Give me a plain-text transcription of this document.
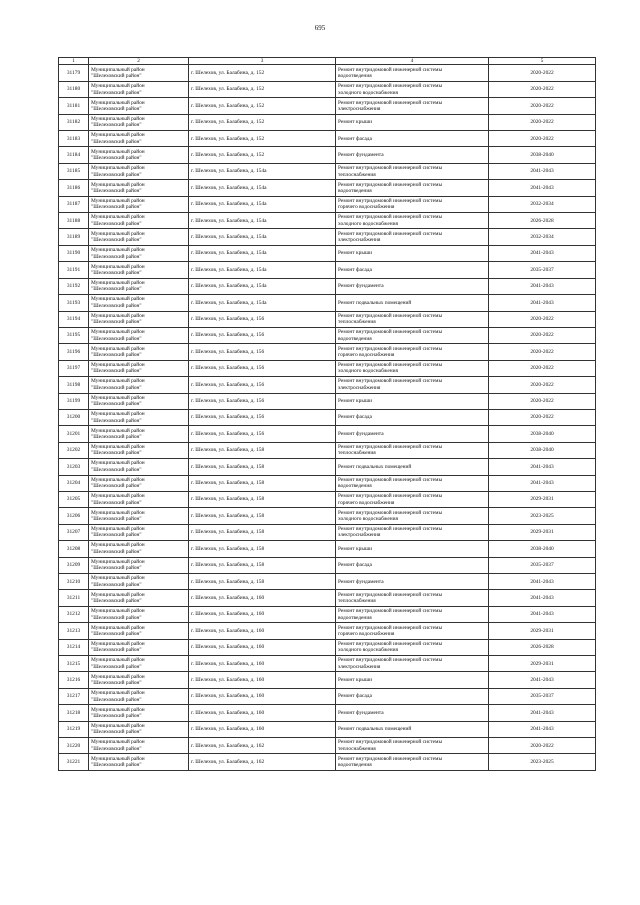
695
1	2	3	4	5
31179	Муниципальный район
"Шелеховский район"	г. Шелехов, ул. Балабина, д. 152	Ремонт внутридомовой инженерной системы
водоотведения	2020-2022
31180	Муниципальный район
"Шелеховский район"	г. Шелехов, ул. Балабина, д. 152	Ремонт внутридомовой инженерной системы
холодного водоснабжения	2020-2022
31181	Муниципальный район
"Шелеховский район"	г. Шелехов, ул. Балабина, д. 152	Ремонт внутридомовой инженерной системы
электроснабжения	2020-2022
31182	Муниципальный район
"Шелеховский район"	г. Шелехов, ул. Балабина, д. 152	Ремонт крыши	2020-2022
31183	Муниципальный район
"Шелеховский район"	г. Шелехов, ул. Балабина, д. 152	Ремонт фасада	2020-2022
31184	Муниципальный район
"Шелеховский район"	г. Шелехов, ул. Балабина, д. 152	Ремонт фундамента	2038-2040
31185	Муниципальный район
"Шелеховский район"	г. Шелехов, ул. Балабина, д. 154а	Ремонт внутридомовой инженерной системы
теплоснабжения	2041-2043
31186	Муниципальный район
"Шелеховский район"	г. Шелехов, ул. Балабина, д. 154а	Ремонт внутридомовой инженерной системы
водоотведения	2041-2043
31187	Муниципальный район
"Шелеховский район"	г. Шелехов, ул. Балабина, д. 154а	Ремонт внутридомовой инженерной системы
горячего водоснабжения	2032-2034
31188	Муниципальный район
"Шелеховский район"	г. Шелехов, ул. Балабина, д. 154а	Ремонт внутридомовой инженерной системы
холодного водоснабжения	2026-2028
31189	Муниципальный район
"Шелеховский район"	г. Шелехов, ул. Балабина, д. 154а	Ремонт внутридомовой инженерной системы
электроснабжения	2032-2034
31190	Муниципальный район
"Шелеховский район"	г. Шелехов, ул. Балабина, д. 154а	Ремонт крыши	2041-2043
31191	Муниципальный район
"Шелеховский район"	г. Шелехов, ул. Балабина, д. 154а	Ремонт фасада	2035-2037
31192	Муниципальный район
"Шелеховский район"	г. Шелехов, ул. Балабина, д. 154а	Ремонт фундамента	2041-2043
31193	Муниципальный район
"Шелеховский район"	г. Шелехов, ул. Балабина, д. 154а	Ремонт подвальных помещений	2041-2043
31194	Муниципальный район
"Шелеховский район"	г. Шелехов, ул. Балабина, д. 156	Ремонт внутридомовой инженерной системы
теплоснабжения	2020-2022
31195	Муниципальный район
"Шелеховский район"	г. Шелехов, ул. Балабина, д. 156	Ремонт внутридомовой инженерной системы
водоотведения	2020-2022
31196	Муниципальный район
"Шелеховский район"	г. Шелехов, ул. Балабина, д. 156	Ремонт внутридомовой инженерной системы
горячего водоснабжения	2020-2022
31197	Муниципальный район
"Шелеховский район"	г. Шелехов, ул. Балабина, д. 156	Ремонт внутридомовой инженерной системы
холодного водоснабжения	2020-2022
31198	Муниципальный район
"Шелеховский район"	г. Шелехов, ул. Балабина, д. 156	Ремонт внутридомовой инженерной системы
электроснабжения	2020-2022
31199	Муниципальный район
"Шелеховский район"	г. Шелехов, ул. Балабина, д. 156	Ремонт крыши	2020-2022
31200	Муниципальный район
"Шелеховский район"	г. Шелехов, ул. Балабина, д. 156	Ремонт фасада	2020-2022
31201	Муниципальный район
"Шелеховский район"	г. Шелехов, ул. Балабина, д. 156	Ремонт фундамента	2038-2040
31202	Муниципальный район
"Шелеховский район"	г. Шелехов, ул. Балабина, д. 158	Ремонт внутридомовой инженерной системы
теплоснабжения	2038-2040
31203	Муниципальный район
"Шелеховский район"	г. Шелехов, ул. Балабина, д. 158	Ремонт подвальных помещений	2041-2043
31204	Муниципальный район
"Шелеховский район"	г. Шелехов, ул. Балабина, д. 158	Ремонт внутридомовой инженерной системы
водоотведения	2041-2043
31205	Муниципальный район
"Шелеховский район"	г. Шелехов, ул. Балабина, д. 158	Ремонт внутридомовой инженерной системы
горячего водоснабжения	2029-2031
31206	Муниципальный район
"Шелеховский район"	г. Шелехов, ул. Балабина, д. 158	Ремонт внутридомовой инженерной системы
холодного водоснабжения	2023-2025
31207	Муниципальный район
"Шелеховский район"	г. Шелехов, ул. Балабина, д. 158	Ремонт внутридомовой инженерной системы
электроснабжения	2029-2031
31208	Муниципальный район
"Шелеховский район"	г. Шелехов, ул. Балабина, д. 158	Ремонт крыши	2038-2040
31209	Муниципальный район
"Шелеховский район"	г. Шелехов, ул. Балабина, д. 158	Ремонт фасада	2035-2037
31210	Муниципальный район
"Шелеховский район"	г. Шелехов, ул. Балабина, д. 158	Ремонт фундамента	2041-2043
31211	Муниципальный район
"Шелеховский район"	г. Шелехов, ул. Балабина, д. 160	Ремонт внутридомовой инженерной системы
теплоснабжения	2041-2043
31212	Муниципальный район
"Шелеховский район"	г. Шелехов, ул. Балабина, д. 160	Ремонт внутридомовой инженерной системы
водоотведения	2041-2043
31213	Муниципальный район
"Шелеховский район"	г. Шелехов, ул. Балабина, д. 160	Ремонт внутридомовой инженерной системы
горячего водоснабжения	2029-2031
31214	Муниципальный район
"Шелеховский район"	г. Шелехов, ул. Балабина, д. 160	Ремонт внутридомовой инженерной системы
холодного водоснабжения	2026-2028
31215	Муниципальный район
"Шелеховский район"	г. Шелехов, ул. Балабина, д. 160	Ремонт внутридомовой инженерной системы
электроснабжения	2029-2031
31216	Муниципальный район
"Шелеховский район"	г. Шелехов, ул. Балабина, д. 160	Ремонт крыши	2041-2043
31217	Муниципальный район
"Шелеховский район"	г. Шелехов, ул. Балабина, д. 160	Ремонт фасада	2035-2037
31218	Муниципальный район
"Шелеховский район"	г. Шелехов, ул. Балабина, д. 160	Ремонт фундамента	2041-2043
31219	Муниципальный район
"Шелеховский район"	г. Шелехов, ул. Балабина, д. 160	Ремонт подвальных помещений	2041-2043
31220	Муниципальный район
"Шелеховский район"	г. Шелехов, ул. Балабина, д. 162	Ремонт внутридомовой инженерной системы
теплоснабжения	2020-2022
31221	Муниципальный район
"Шелеховский район"	г. Шелехов, ул. Балабина, д. 162	Ремонт внутридомовой инженерной системы
водоотведения	2023-2025
